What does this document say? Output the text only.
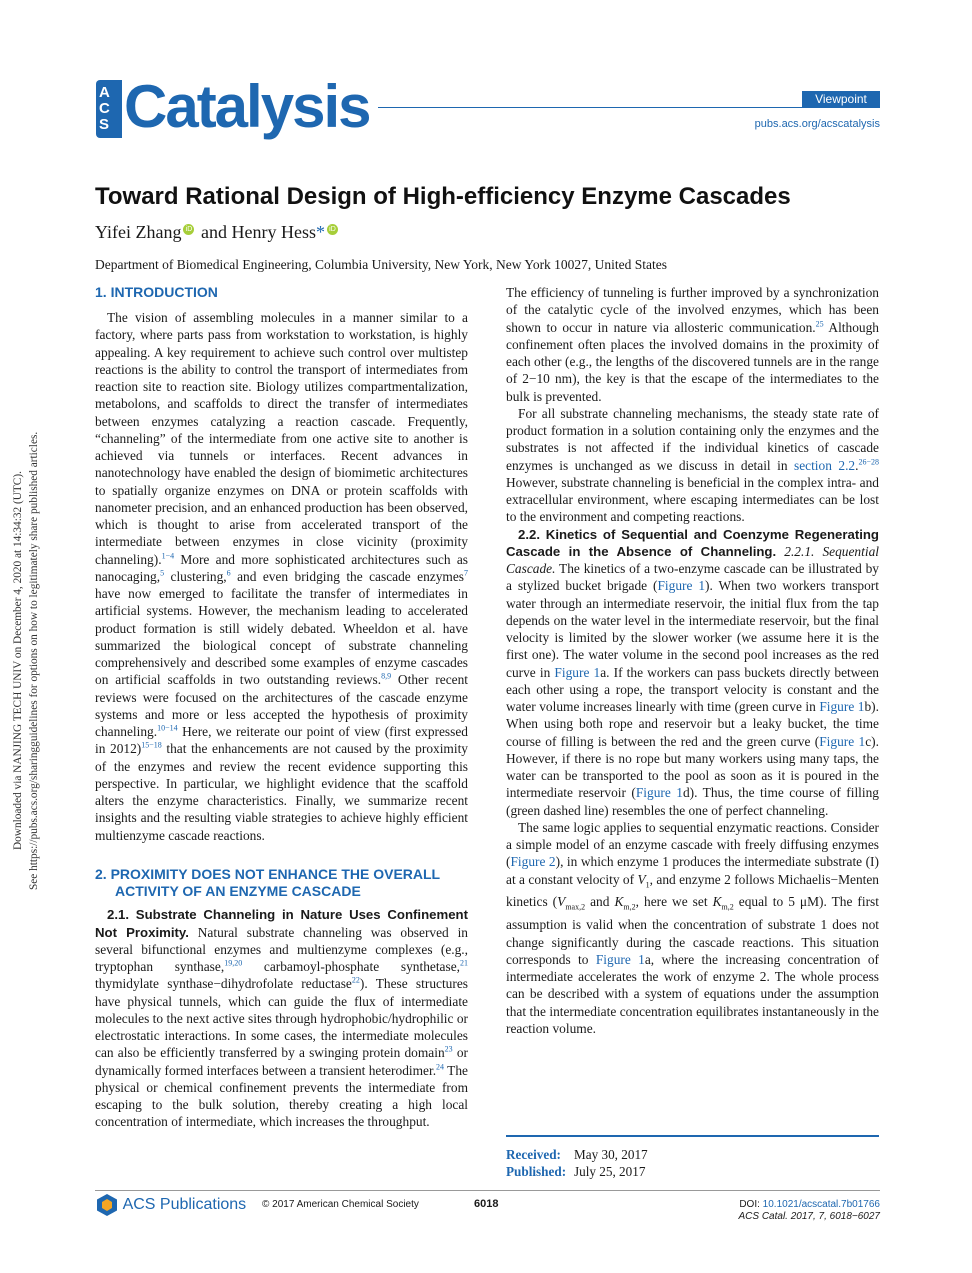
A
C
S Catalysis	Viewpoint
pubs.acs.org/acscatalysis
Toward Rational Design of High-efficiency Enzyme Cascades
Yifei Zhang iD and Henry Hess* iD
Department of Biomedical Engineering, Columbia University, New York, New York 10027, United States
Downloaded via NANJING TECH UNIV on December 4, 2020 at 14:34:32 (UTC). See https://pubs.acs.org/sharingguidelines for options on how to legitimately share published articles.
1. INTRODUCTION

The vision of assembling molecules in a manner similar to a factory, where parts pass from workstation to workstation, is highly appealing. A key requirement to achieve such control over multistep reactions is the ability to control the transport of intermediates from reaction site to reaction site. Biology utilizes compartmentalization, metabolons, and scaffolds to direct the transfer of intermediates between enzymes catalyzing a reaction cascade. Frequently, “channeling” of the intermediate from one active site to another is achieved via tunnels or interfaces. Recent advances in nanotechnology have enabled the design of biomimetic architectures to spatially organize enzymes on DNA or protein scaffolds with nanometer precision, and an enhanced production has been observed, which is thought to arise from accelerated transport of the intermediate between enzymes in close vicinity (proximity channeling).$^{1-4}$ More and more sophisticated architectures such as nanocaging,$^5$ clustering,$^6$ and even bridging the cascade enzymes$^7$ have now emerged to facilitate the transfer of intermediates in artificial systems. However, the mechanism leading to accelerated product formation is still widely debated. Wheeldon et al. have summarized the biological concept of substrate channeling comprehensively and described some examples of enzyme cascades on artificial scaffolds in two outstanding reviews.$^{8,9}$ Other recent reviews were focused on the architectures of the cascade enzyme systems and more or less accepted the hypothesis of proximity channeling.$^{10-14}$ Here, we reiterate our point of view (first expressed in 2012)$^{15-18}$ that the enhancements are not caused by the proximity of the enzymes and review the recent evidence supporting this perspective. In particular, we highlight evidence that the scaffold alters the enzyme characteristics. Finally, we summarize recent insights and the resulting viable strategies to achieve highly efficient multienzyme cascade reactions.

2. PROXIMITY DOES NOT ENHANCE THE OVERALL
ACTIVITY OF AN ENZYME CASCADE

2.1. Substrate Channeling in Nature Uses Confinement Not Proximity. Natural substrate channeling was observed in several bifunctional enzymes and multienzyme complexes (e.g., tryptophan synthase,$^{19,20}$ carbamoyl-phosphate synthetase,$^{21}$ thymidylate synthase−dihydrofolate reductase$^{22}$). These structures have physical tunnels, which can guide the flux of intermediate molecules to the next active sites through hydrophobic/hydrophilic or electrostatic interactions. In some cases, the intermediate molecules can also be efficiently transferred by a swinging protein domain$^{23}$ or dynamically formed interfaces between a transient heterodimer.$^{24}$ The physical or chemical confinement prevents the intermediate from escaping to the bulk solution, thereby creating a high local concentration of intermediate, which increases the throughput.

The efficiency of tunneling is further improved by a synchronization of the catalytic cycle of the involved enzymes, which has been shown to occur in nature via allosteric communication.$^{25}$ Although confinement often places the involved domains in the proximity of each other (e.g., the lengths of the discovered tunnels are in the range of 2−10 nm), the key is that the escape of the intermediates to the bulk is prevented.

For all substrate channeling mechanisms, the steady state rate of product formation in a solution containing only the enzymes and the substrates is not affected if the individual kinetics of cascade enzymes is unchanged as we discuss in detail in section 2.2.$^{26-28}$ However, substrate channeling is beneficial in the complex intra- and extracellular environment, where escaping intermediates can be lost to the environment and competing reactions.

2.2. Kinetics of Sequential and Coenzyme Regenerating Cascade in the Absence of Channeling. 2.2.1. Sequential Cascade. The kinetics of a two-enzyme cascade can be illustrated by a stylized bucket brigade (Figure 1). When two workers transport water through an intermediate reservoir, the initial flux from the tap depends on the water level in the intermediate reservoir, but the final velocity is limited by the slower worker (we assume here it is the first one). The water volume in the second pool increases as the red curve in Figure 1a. If the workers can pass buckets directly between each other using a rope, the transport velocity is constant and the water volume increases linearly with time (green curve in Figure 1b). When using both rope and reservoir but a leaky bucket, the time course of filling is between the red and the green curve (Figure 1c). However, if there is no rope but many workers using many taps, the water can be transported to the pool as soon as it is poured in the intermediate reservoir (Figure 1d). Thus, the time course of filling (green dashed line) resembles the one of perfect channeling.

The same logic applies to sequential enzymatic reactions. Consider a simple model of an enzyme cascade with freely diffusing enzymes (Figure 2), in which enzyme 1 produces the intermediate substrate (I) at a constant velocity of $V_1$, and enzyme 2 follows Michaelis−Menten kinetics ($V_{max,2}$ and $K_{m,2}$, here we set $K_{m,2}$ equal to 5 μM). The first assumption is valid when the concentration of substrate 1 does not change significantly during the cascade reactions. This situation corresponds to Figure 1a, where the increasing concentration of intermediate accelerates the work of enzyme 2. The whole process can be described with a system of equations under the assumption that the intermediate concentration equilibrates instantaneously in the reaction volume.

Received: May 30, 2017
Published: July 25, 2017
ACS Publications © 2017 American Chemical Society	6018	DOI: 10.1021/acscatal.7b01766
ACS Catal. 2017, 7, 6018−6027
